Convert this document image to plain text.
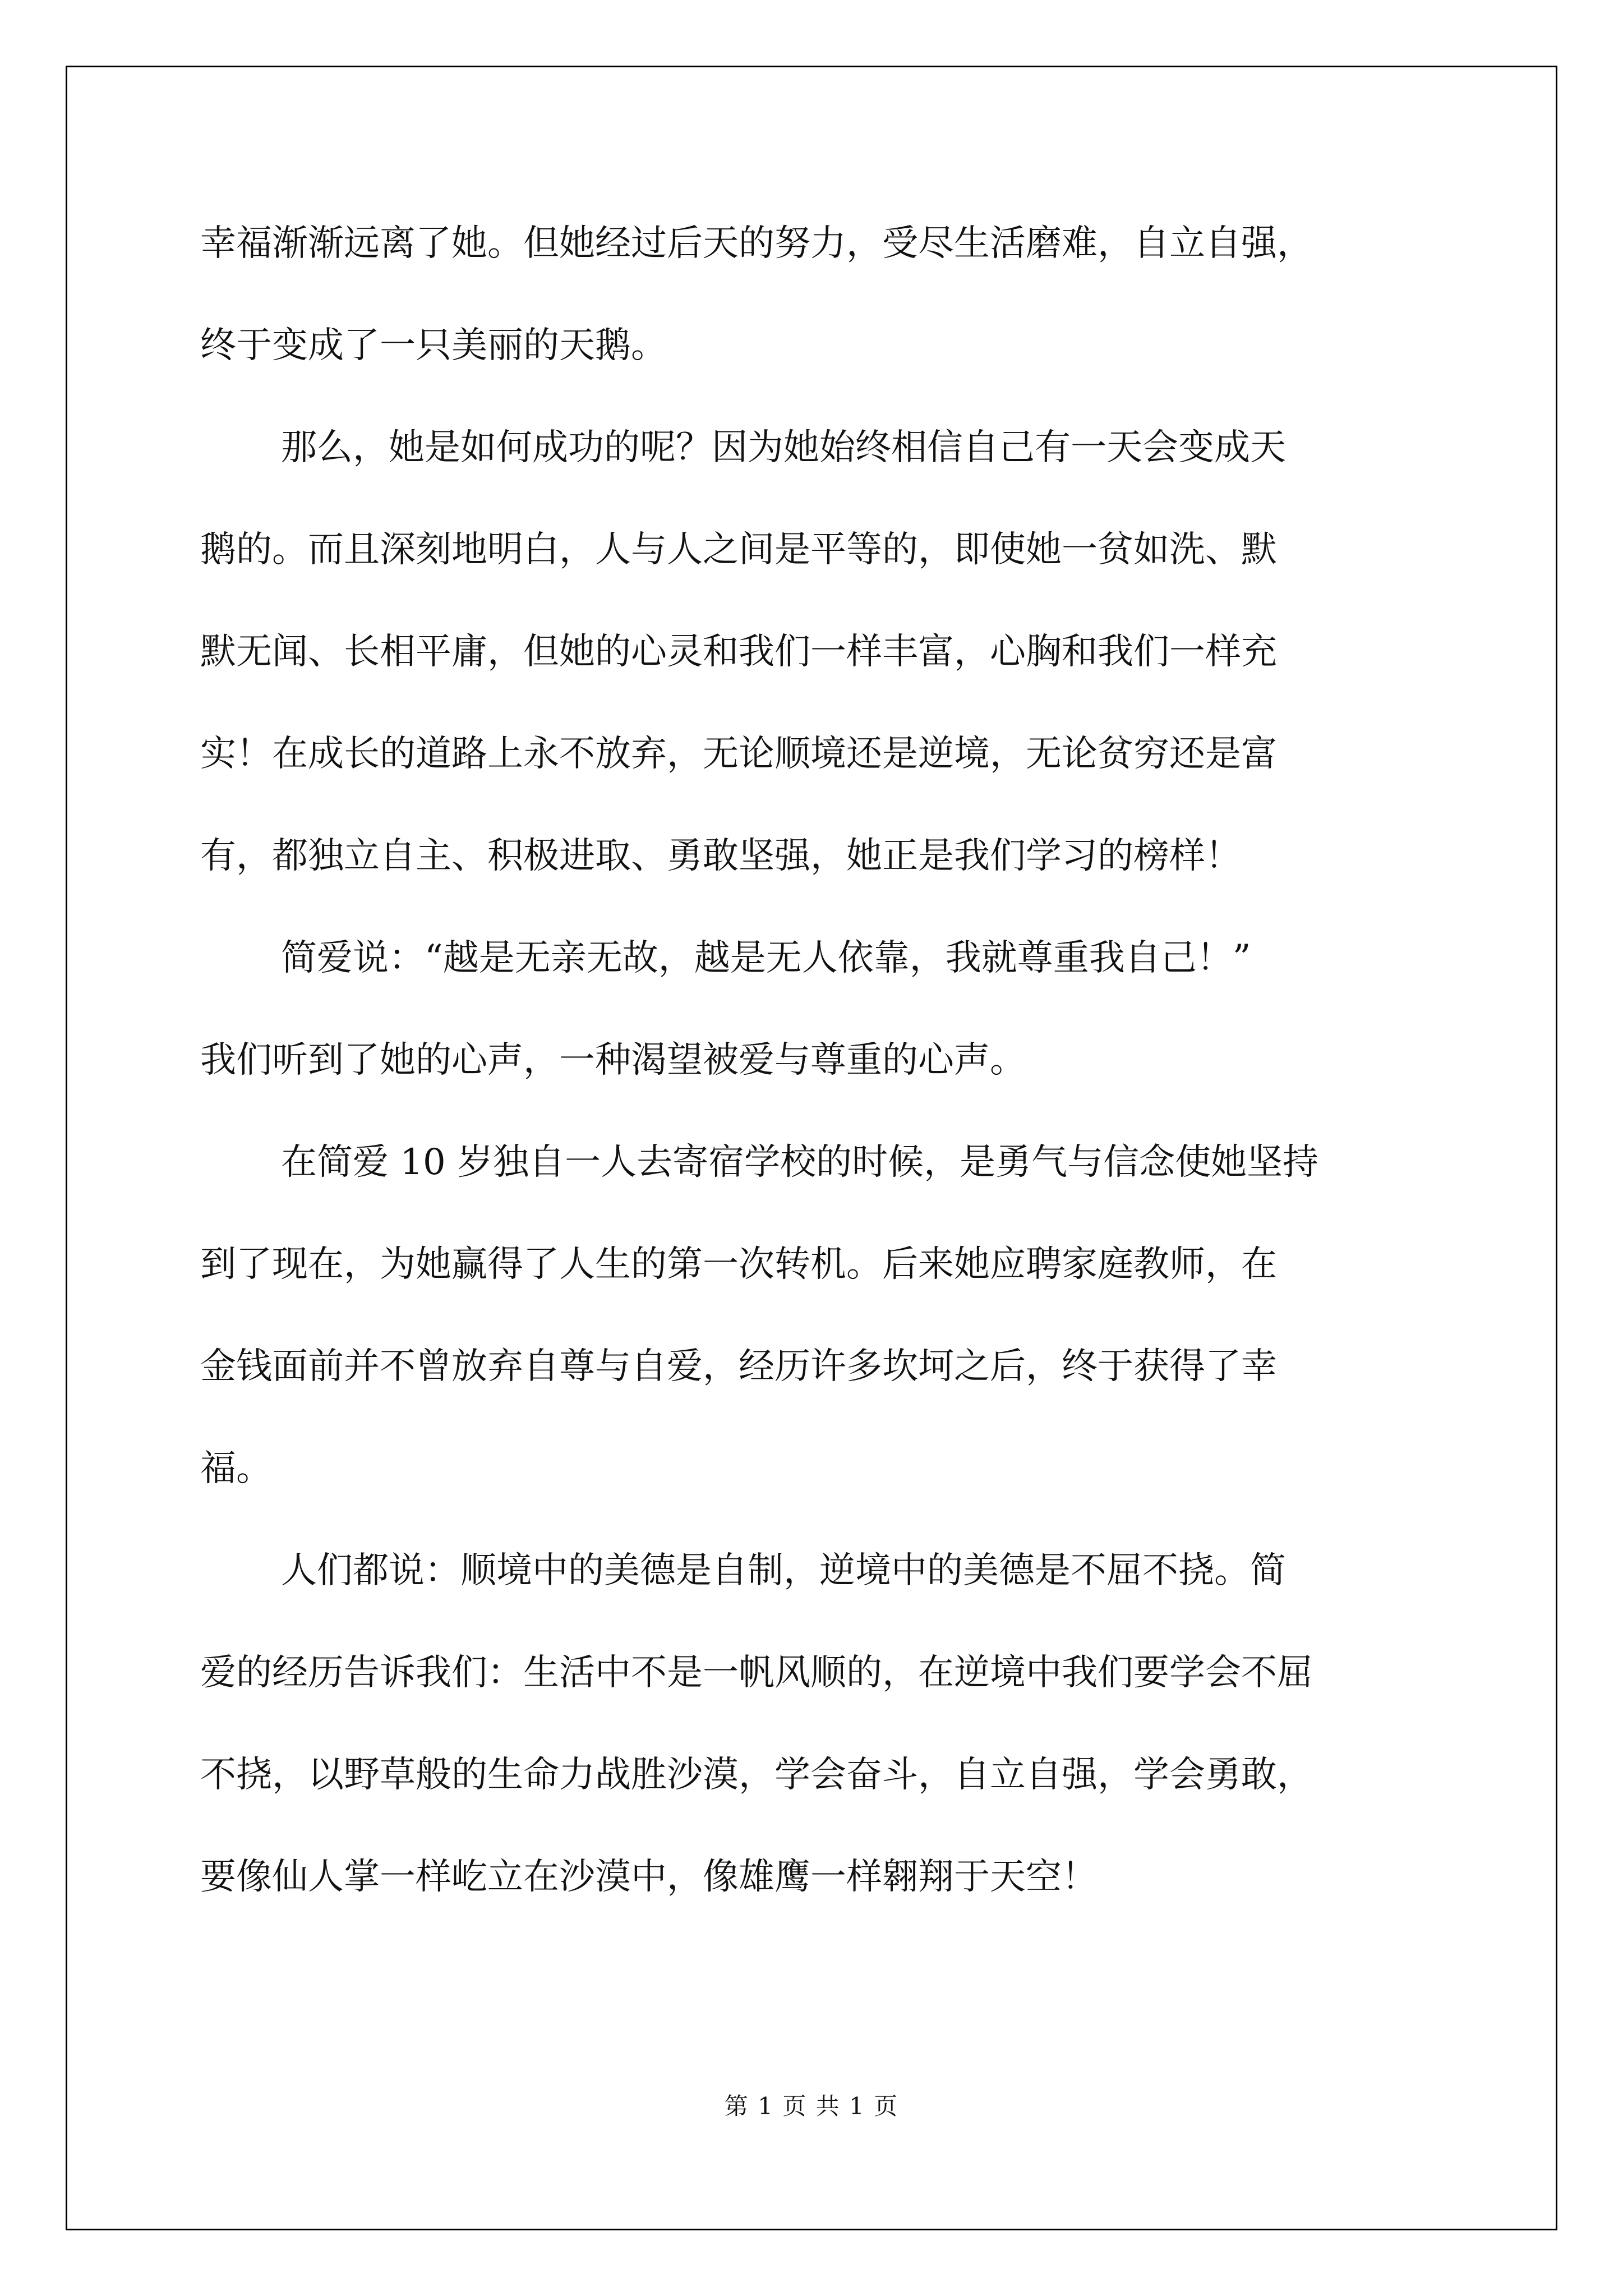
幸福渐渐远离了她。但她经过后天的努力，受尽生活磨难，自立自强，
终于变成了一只美丽的天鹅。
那么，她是如何成功的呢？因为她始终相信自己有一天会变成天
鹅的。而且深刻地明白，人与人之间是平等的，即使她一贫如洗、默
默无闻、长相平庸，但她的心灵和我们一样丰富，心胸和我们一样充
实！在成长的道路上永不放弃，无论顺境还是逆境，无论贫穷还是富
有，都独立自主、积极进取、勇敢坚强，她正是我们学习的榜样！
简爱说：“越是无亲无故，越是无人依靠，我就尊重我自己！”
我们听到了她的心声，一种渴望被爱与尊重的心声。
在简爱 10 岁独自一人去寄宿学校的时候，是勇气与信念使她坚持
到了现在，为她赢得了人生的第一次转机。后来她应聘家庭教师，在
金钱面前并不曾放弃自尊与自爱，经历许多坎坷之后，终于获得了幸
福。
人们都说：顺境中的美德是自制，逆境中的美德是不屈不挠。简
爱的经历告诉我们：生活中不是一帆风顺的，在逆境中我们要学会不屈
不挠，以野草般的生命力战胜沙漠，学会奋斗，自立自强，学会勇敢，
要像仙人掌一样屹立在沙漠中，像雄鹰一样翱翔于天空！
第 1 页 共 1 页
